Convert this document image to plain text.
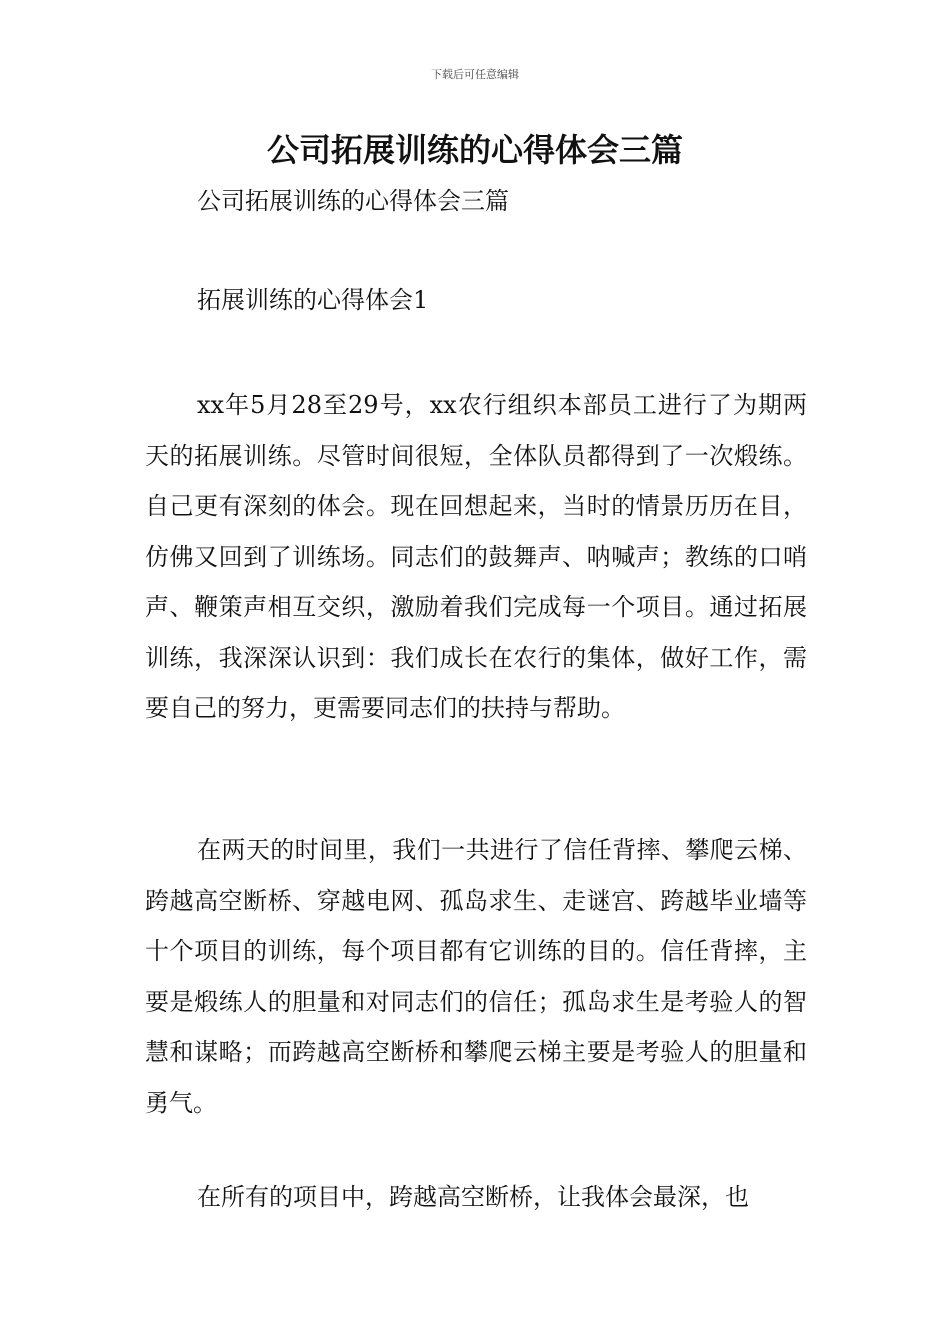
下载后可任意编辑
公司拓展训练的心得体会三篇

公司拓展训练的心得体会三篇

拓展训练的心得体会1

xx年5月28至29号，xx农行组织本部员工进行了为期两天的拓展训练。尽管时间很短，全体队员都得到了一次煅练。自己更有深刻的体会。现在回想起来，当时的情景历历在目，仿佛又回到了训练场。同志们的鼓舞声、呐喊声；教练的口哨声、鞭策声相互交织，激励着我们完成每一个项目。通过拓展训练，我深深认识到：我们成长在农行的集体，做好工作，需要自己的努力，更需要同志们的扶持与帮助。

在两天的时间里，我们一共进行了信任背摔、攀爬云梯、跨越高空断桥、穿越电网、孤岛求生、走谜宫、跨越毕业墙等十个项目的训练，每个项目都有它训练的目的。信任背摔，主要是煅练人的胆量和对同志们的信任；孤岛求生是考验人的智慧和谋略；而跨越高空断桥和攀爬云梯主要是考验人的胆量和勇气。

在所有的项目中，跨越高空断桥，让我体会最深，也
